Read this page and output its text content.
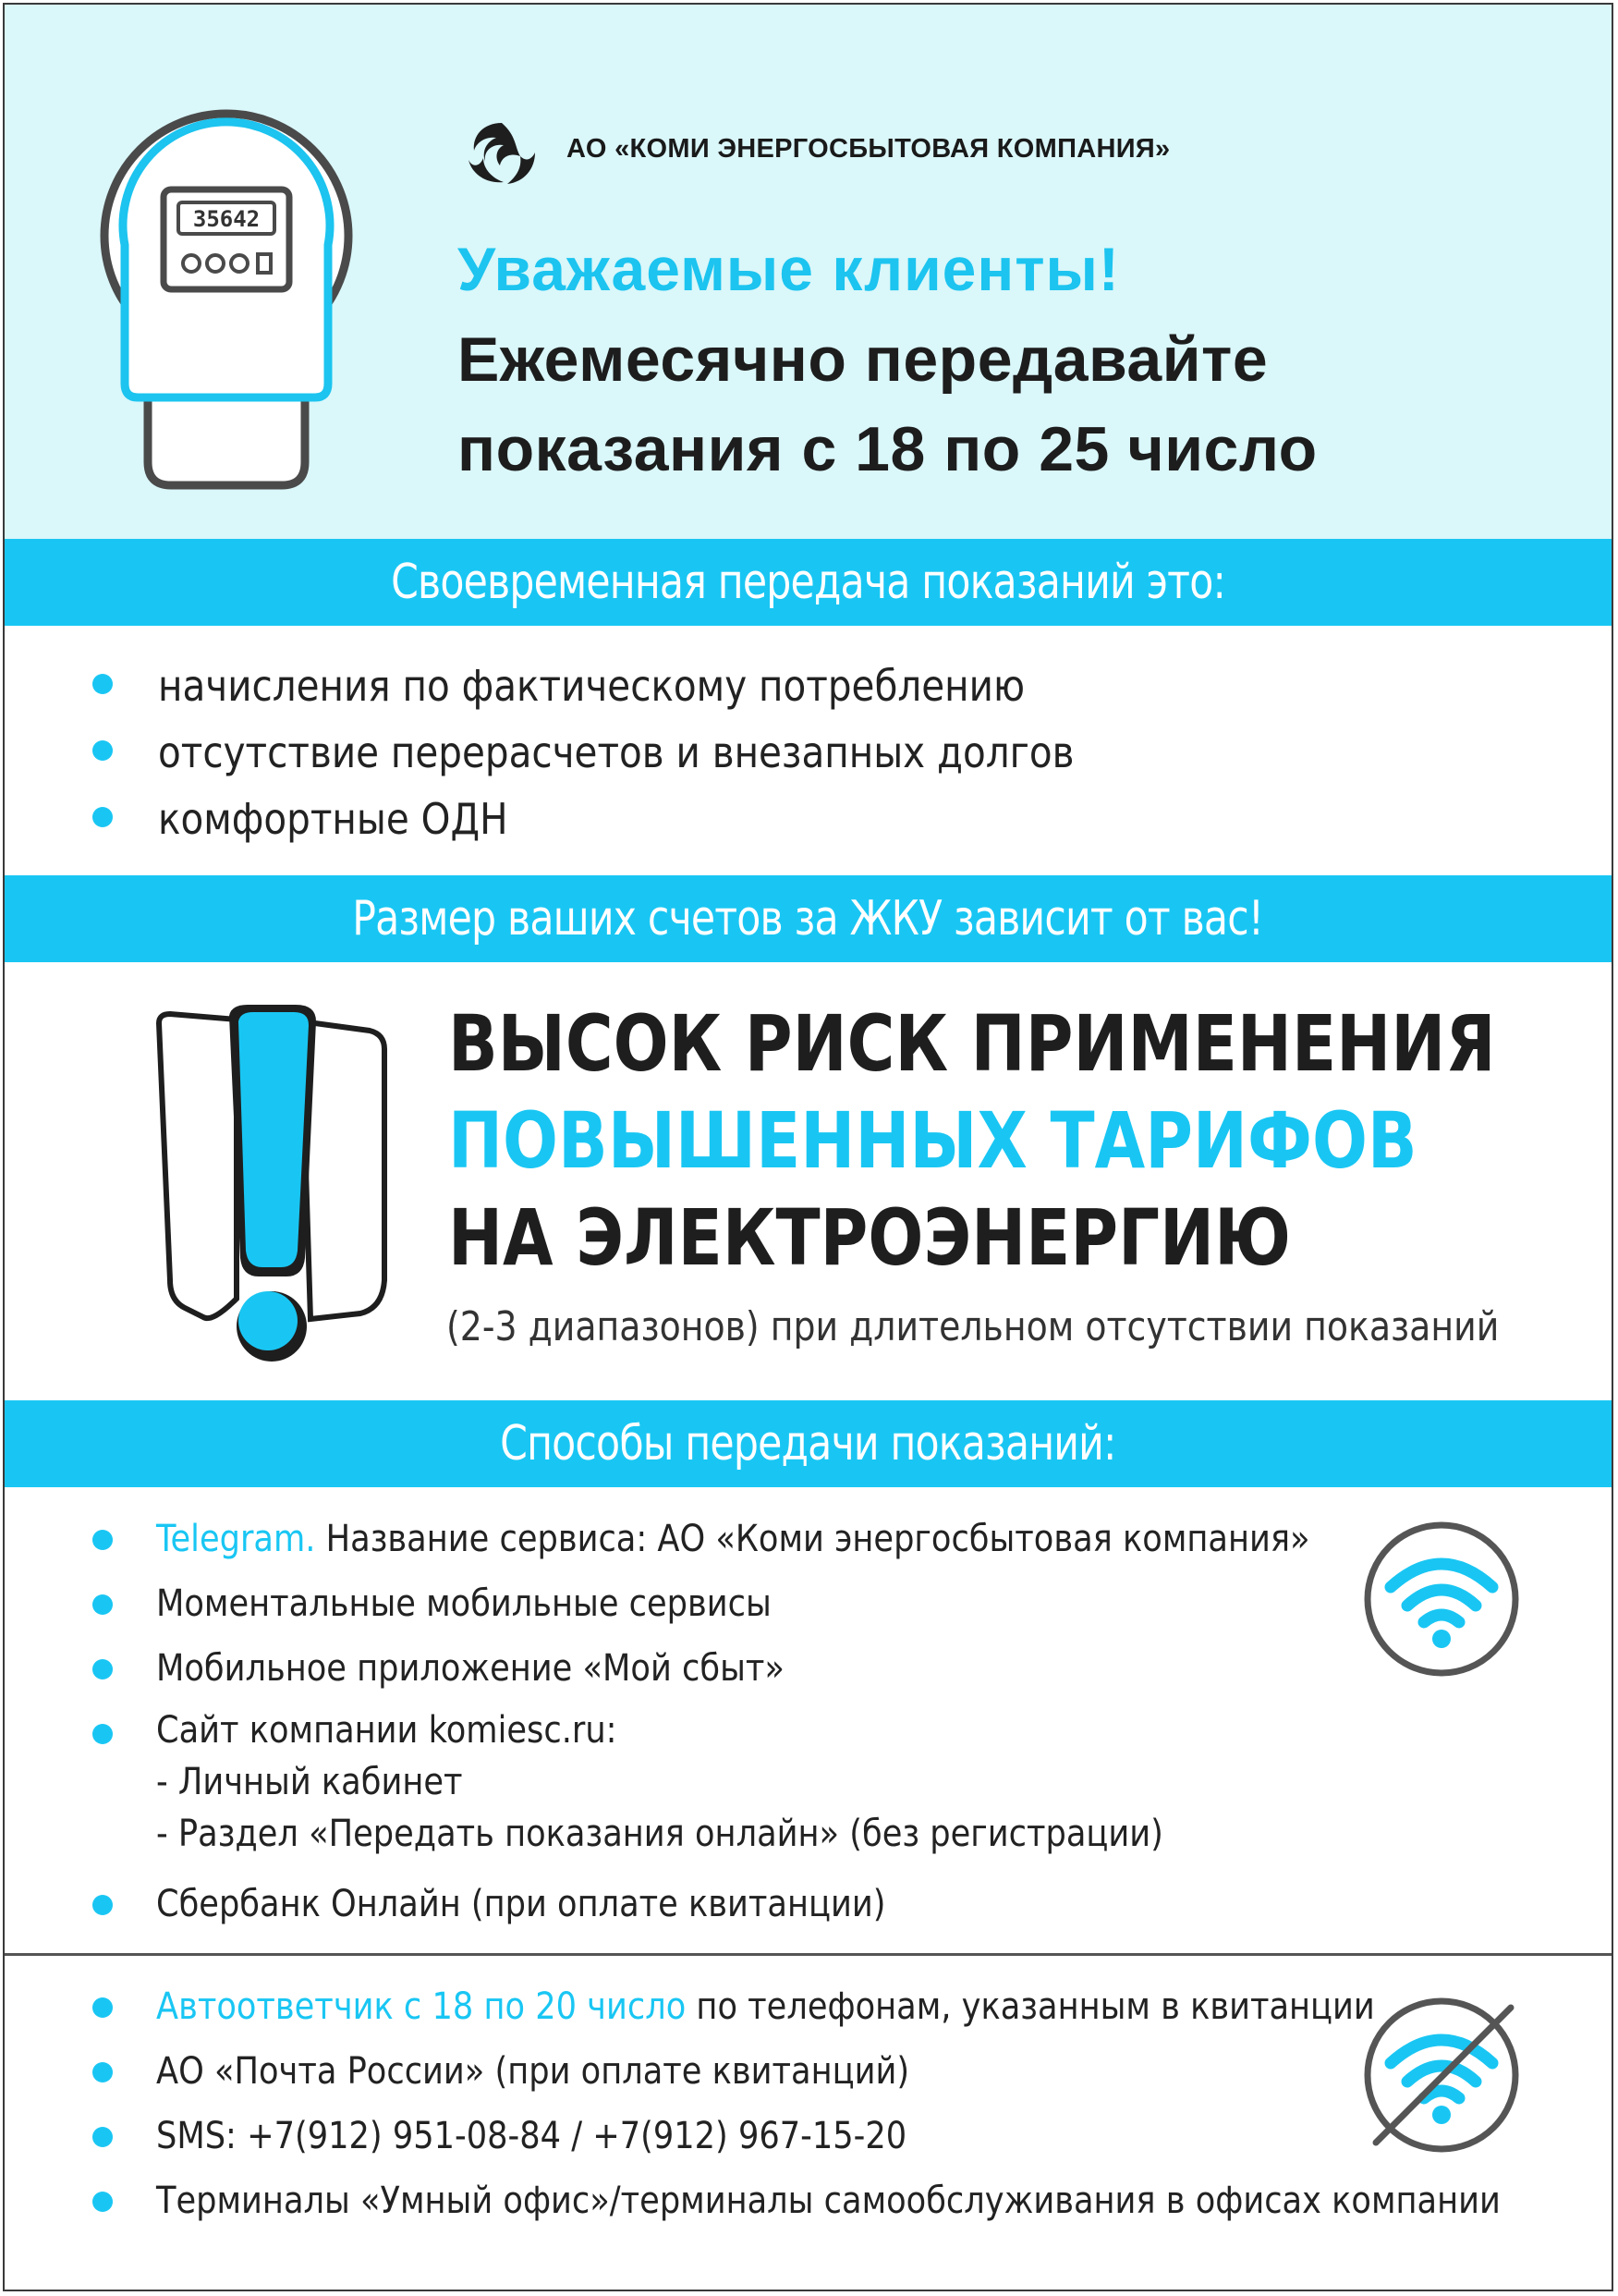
35642
АО «КОМИ ЭНЕРГОСБЫТОВАЯ КОМПАНИЯ»
Уважаемые клиенты!
Ежемесячно передавайте
показания с 18 по 25 число
Своевременная передача показаний это:
начисления по фактическому потреблению
отсутствие перерасчетов и внезапных долгов
комфортные ОДН
Размер ваших счетов за ЖКУ зависит от вас!
ВЫСОК РИСК ПРИМЕНЕНИЯ
ПОВЫШЕННЫХ ТАРИФОВ
НА ЭЛЕКТРОЭНЕРГИЮ
(2-3 диапазонов) при длительном отсутствии показаний
Способы передачи показаний:
Telegram. Название сервиса: АО «Коми энергосбытовая компания»
Моментальные мобильные сервисы
Мобильное приложение «Мой сбыт»
Сайт компании komiesc.ru:
- Личный кабинет
- Раздел «Передать показания онлайн» (без регистрации)
Сбербанк Онлайн (при оплате квитанции)
Автоответчик с 18 по 20 число по телефонам, указанным в квитанции
АО «Почта России» (при оплате квитанций)
SMS: +7(912) 951-08-84 / +7(912) 967-15-20
Терминалы «Умный офис»/терминалы самообслуживания в офисах компании
